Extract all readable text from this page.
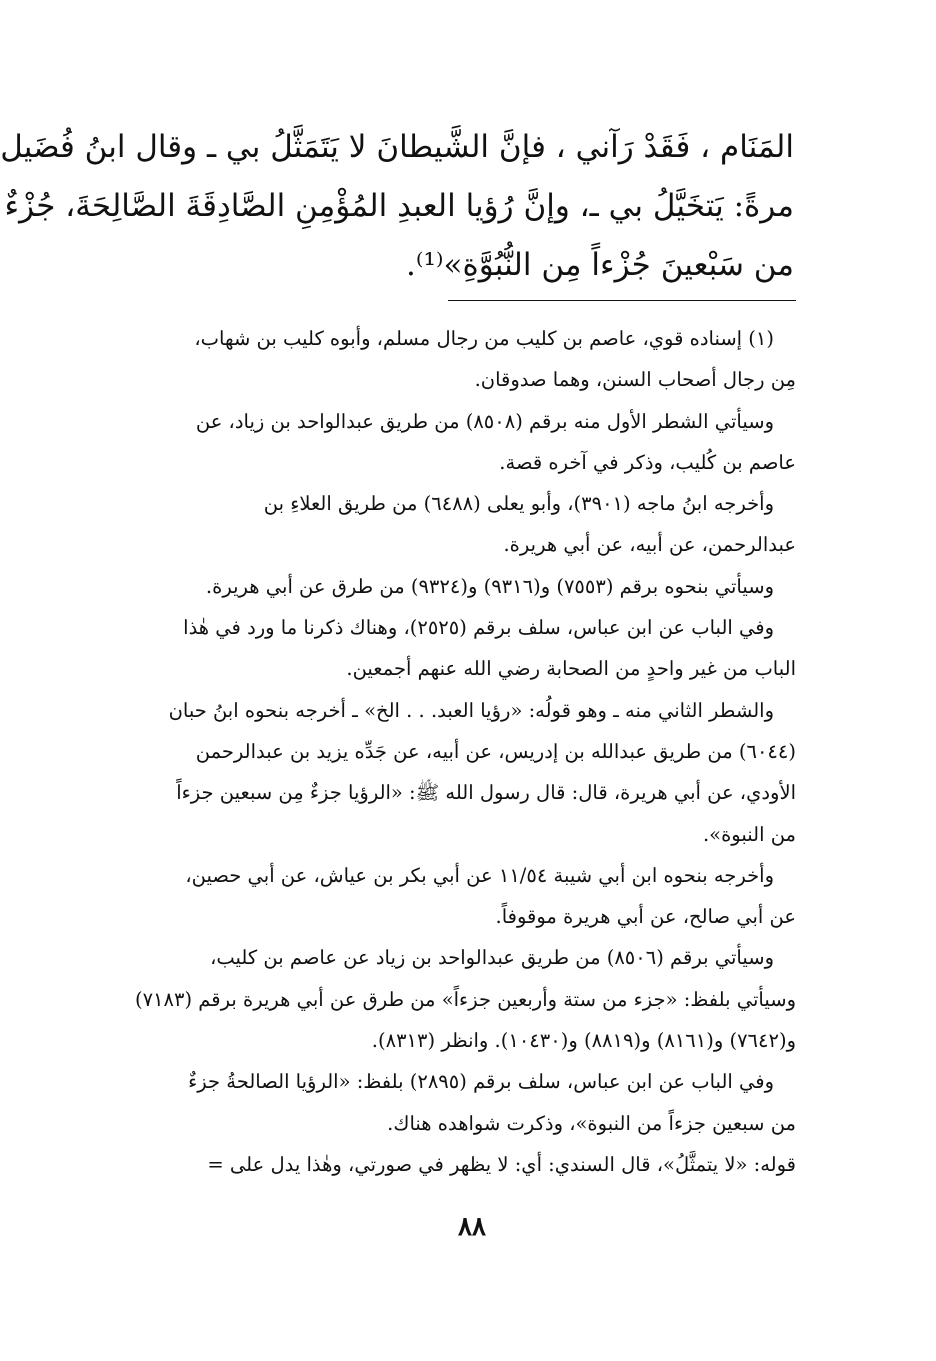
المَنَام ، فَقَدْ رَآني ، فإنَّ الشَّيطانَ لا يَتَمَثَّلُ بي ـ وقال ابنُ فُضَيل
مرةً: يَتخَيَّلُ بي ـ، وإنَّ رُؤيا العبدِ المُؤْمِنِ الصَّادِقَةَ الصَّالِحَةَ، جُزْءٌ
من سَبْعينَ جُزْءاً مِن النُّبُوَّةِ»⁽¹⁾.
(١) إسناده قوي، عاصم بن كليب من رجال مسلم، وأبوه كليب بن شهاب،
مِن رجال أصحاب السنن، وهما صدوقان.
وسيأتي الشطر الأول منه برقم (٨٥٠٨) من طريق عبدالواحد بن زياد، عن
عاصم بن كُليب، وذكر في آخره قصة.
وأخرجه ابنُ ماجه (٣٩٠١)، وأبو يعلى (٦٤٨٨) من طريق العلاءِ بن
عبدالرحمن، عن أبيه، عن أبي هريرة.
وسيأتي بنحوه برقم (٧٥٥٣) و(٩٣١٦) و(٩٣٢٤) من طرق عن أبي هريرة.
وفي الباب عن ابن عباس، سلف برقم (٢٥٢٥)، وهناك ذكرنا ما ورد في هٰذا
الباب من غير واحدٍ من الصحابة رضي الله عنهم أجمعين.
والشطر الثاني منه ـ وهو قولُه: «رؤيا العبد. . . الخ» ـ أخرجه بنحوه ابنُ حبان
(٦٠٤٤) من طريق عبدالله بن إدريس، عن أبيه، عن جَدِّه يزيد بن عبدالرحمن
الأودي، عن أبي هريرة، قال: قال رسول الله ﷺ: «الرؤيا جزءٌ مِن سبعين جزءاً
من النبوة».
وأخرجه بنحوه ابن أبي شيبة ١١/٥٤ عن أبي بكر بن عياش، عن أبي حصين،
عن أبي صالح، عن أبي هريرة موقوفاً.
وسيأتي برقم (٨٥٠٦) من طريق عبدالواحد بن زياد عن عاصم بن كليب،
وسيأتي بلفظ: «جزء من ستة وأربعين جزءاً» من طرق عن أبي هريرة برقم (٧١٨٣)
و(٧٦٤٢) و(٨١٦١) و(٨٨١٩) و(١٠٤٣٠). وانظر (٨٣١٣).
وفي الباب عن ابن عباس، سلف برقم (٢٨٩٥) بلفظ: «الرؤيا الصالحةُ جزءٌ
من سبعين جزءاً من النبوة»، وذكرت شواهده هناك.
قوله: «لا يتمثَّلُ»، قال السندي: أي: لا يظهر في صورتي، وهٰذا يدل على =
٨٨
